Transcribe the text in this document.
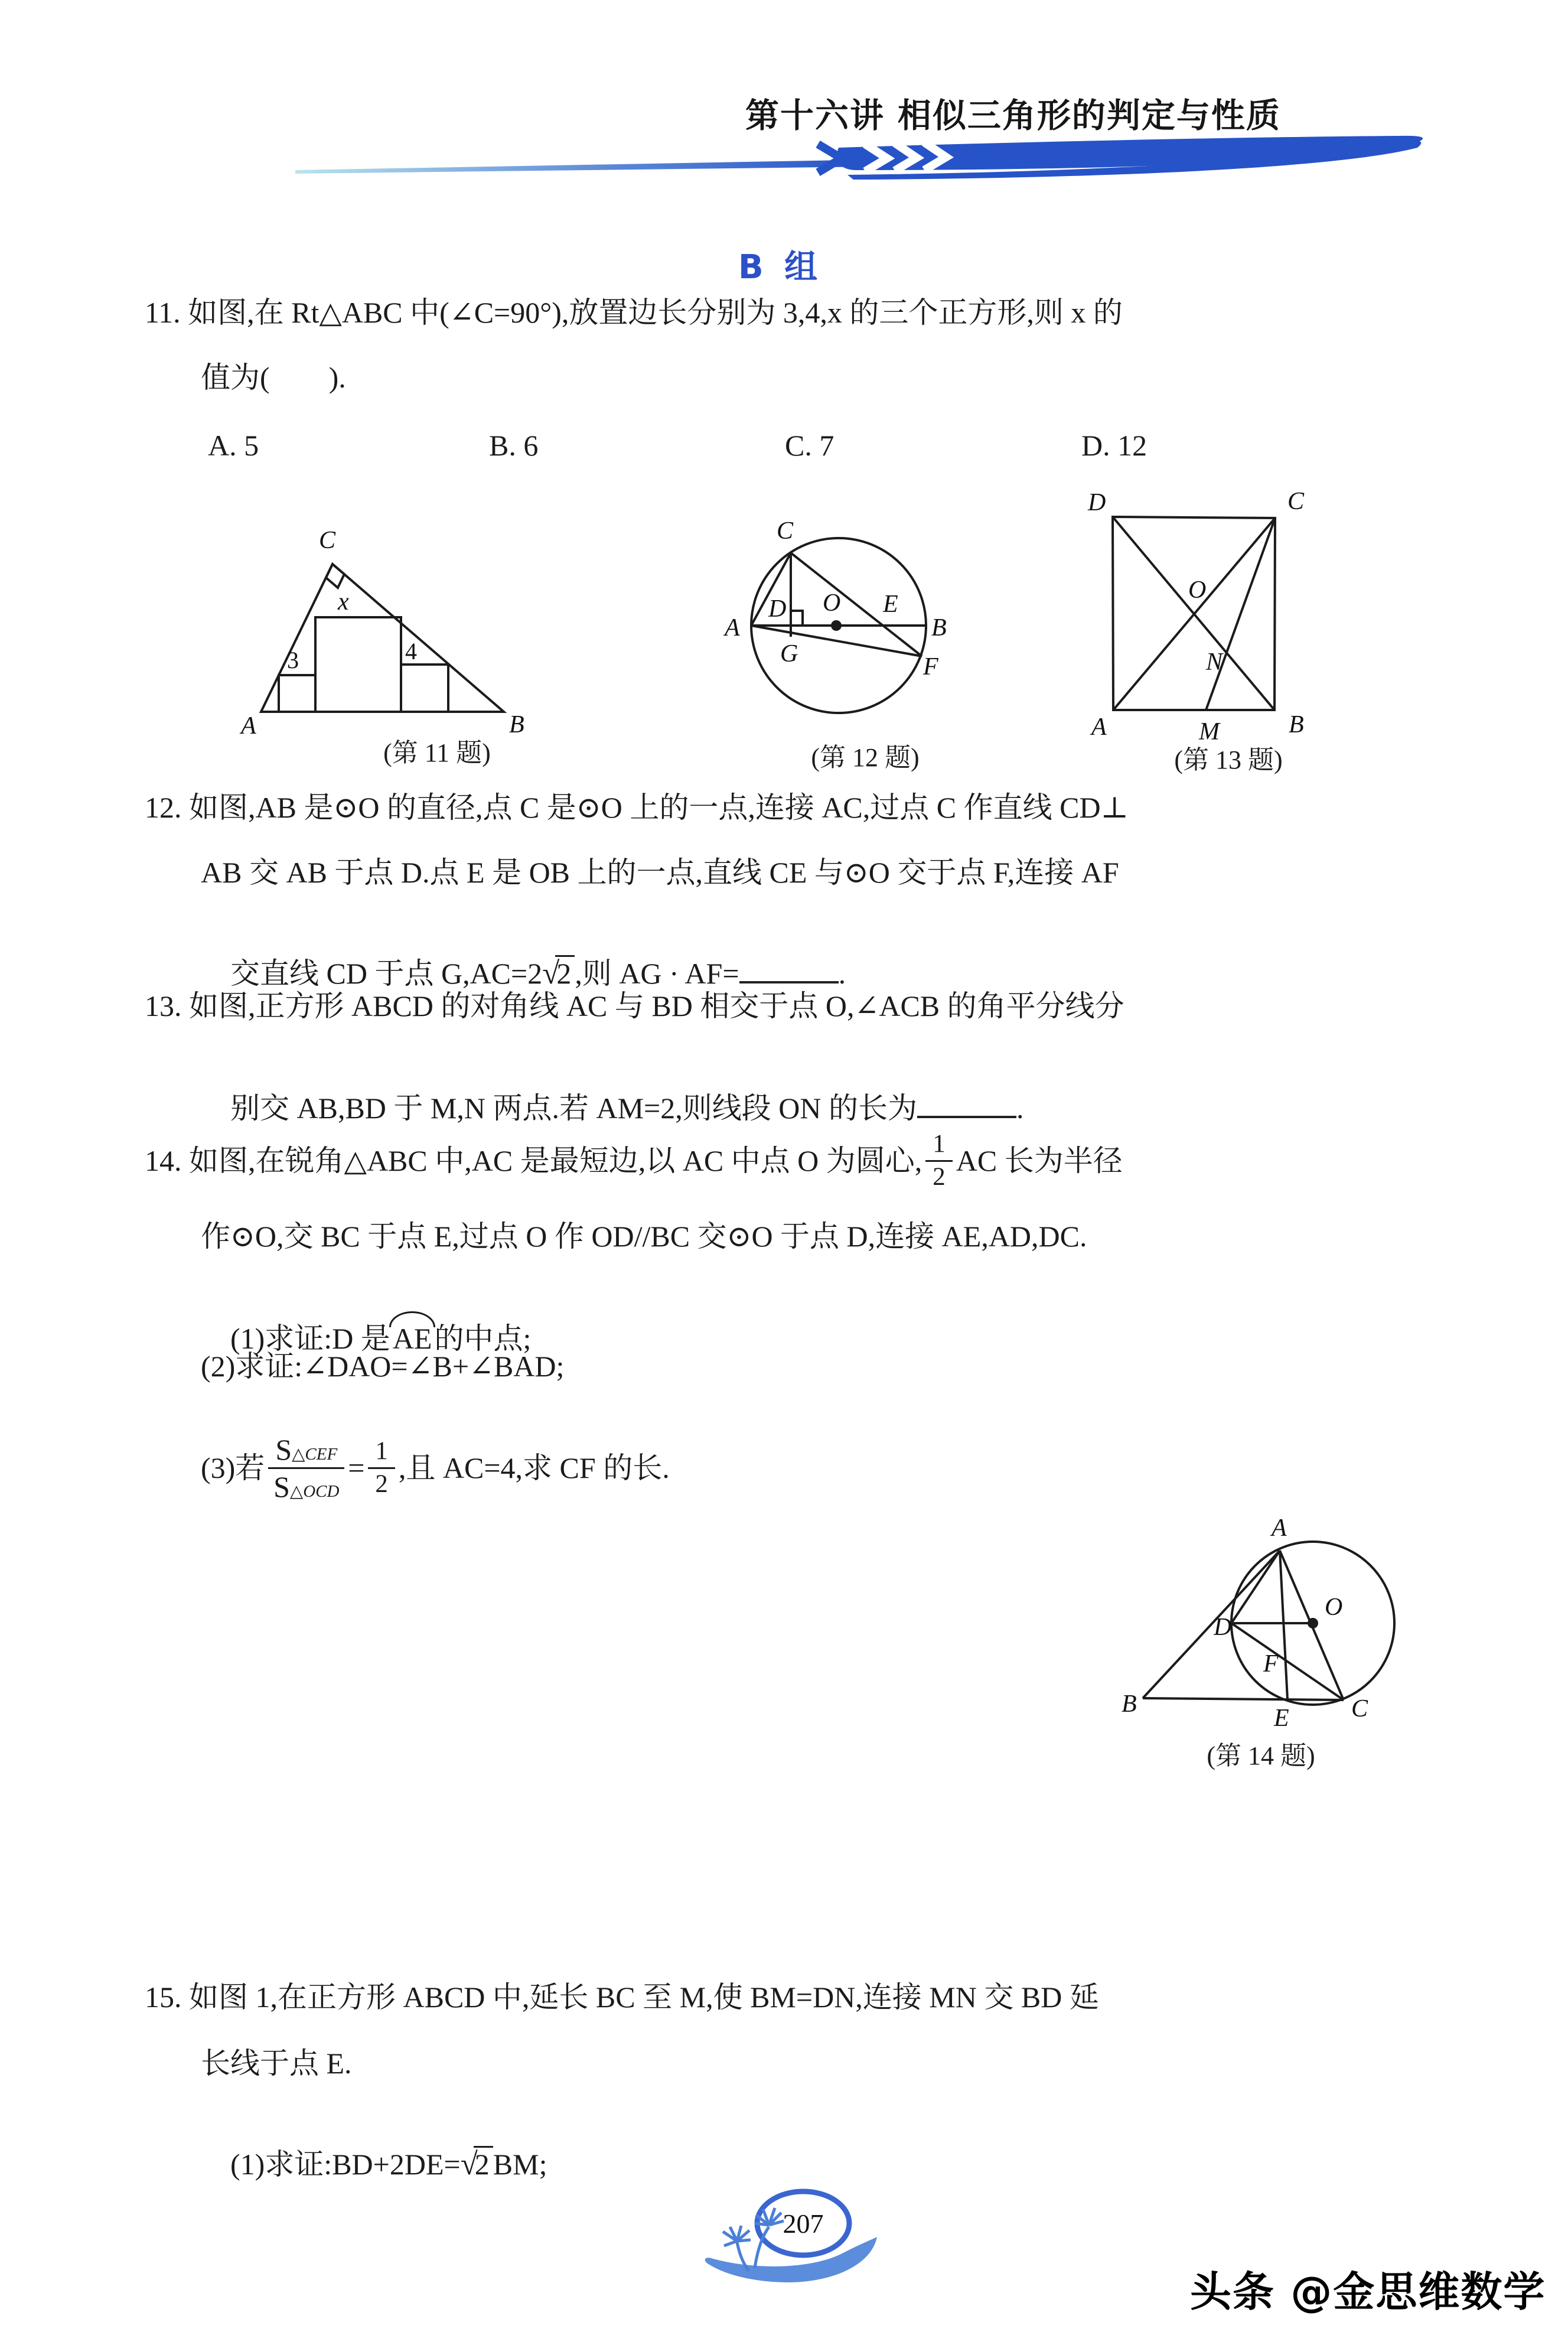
第十六讲 相似三角形的判定与性质
B 组
11. 如图,在 Rt△ABC 中(∠C=90°),放置边长分别为 3,4,x 的三个正方形,则 x 的
值为(　　).
A. 5	B. 6	C. 7	D. 12
C
A	B
x
3	4
(第 11 题)
A	B
C
D O E
F
G
(第 12 题)
D	C
A	B
O
N
M
(第 13 题)
12. 如图,AB 是⊙O 的直径,点 C 是⊙O 上的一点,连接 AC,过点 C 作直线 CD⊥
AB 交 AB 于点 D.点 E 是 OB 上的一点,直线 CE 与⊙O 交于点 F,连接 AF

交直线 CD 于点 G,AC=2√2 ,则 AG · AF=	.

13. 如图,正方形 ABCD 的对角线 AC 与 BD 相交于点 O,∠ACB 的角平分线分

别交 AB,BD 于 M,N 两点.若 AM=2,则线段 ON 的长为	.

14. 如图,在锐角△ABC 中,AC 是最短边,以 AC 中点 O 为圆心, $\frac{1}{2}$ AC 长为半径
作⊙O,交 BC 于点 E,过点 O 作 OD//BC 交⊙O 于点 D,连接 AE,AD,DC.

(1)求证:D 是AE的中点;

(2)求证:∠DAO=∠B+∠BAD;
(3)若 $\frac{\text{S△CEF}}{\text{S△OCD}} = \frac{1}{2}$ ,且 AC=4,求 CF 的长.
A
B	C
D
O
E
F
(第 14 题)
15. 如图 1,在正方形 ABCD 中,延长 BC 至 M,使 BM=DN,连接 MN 交 BD 延
长线于点 E.

(1)求证:BD+2DE=√2 BM;

207
头条 @金思维数学
